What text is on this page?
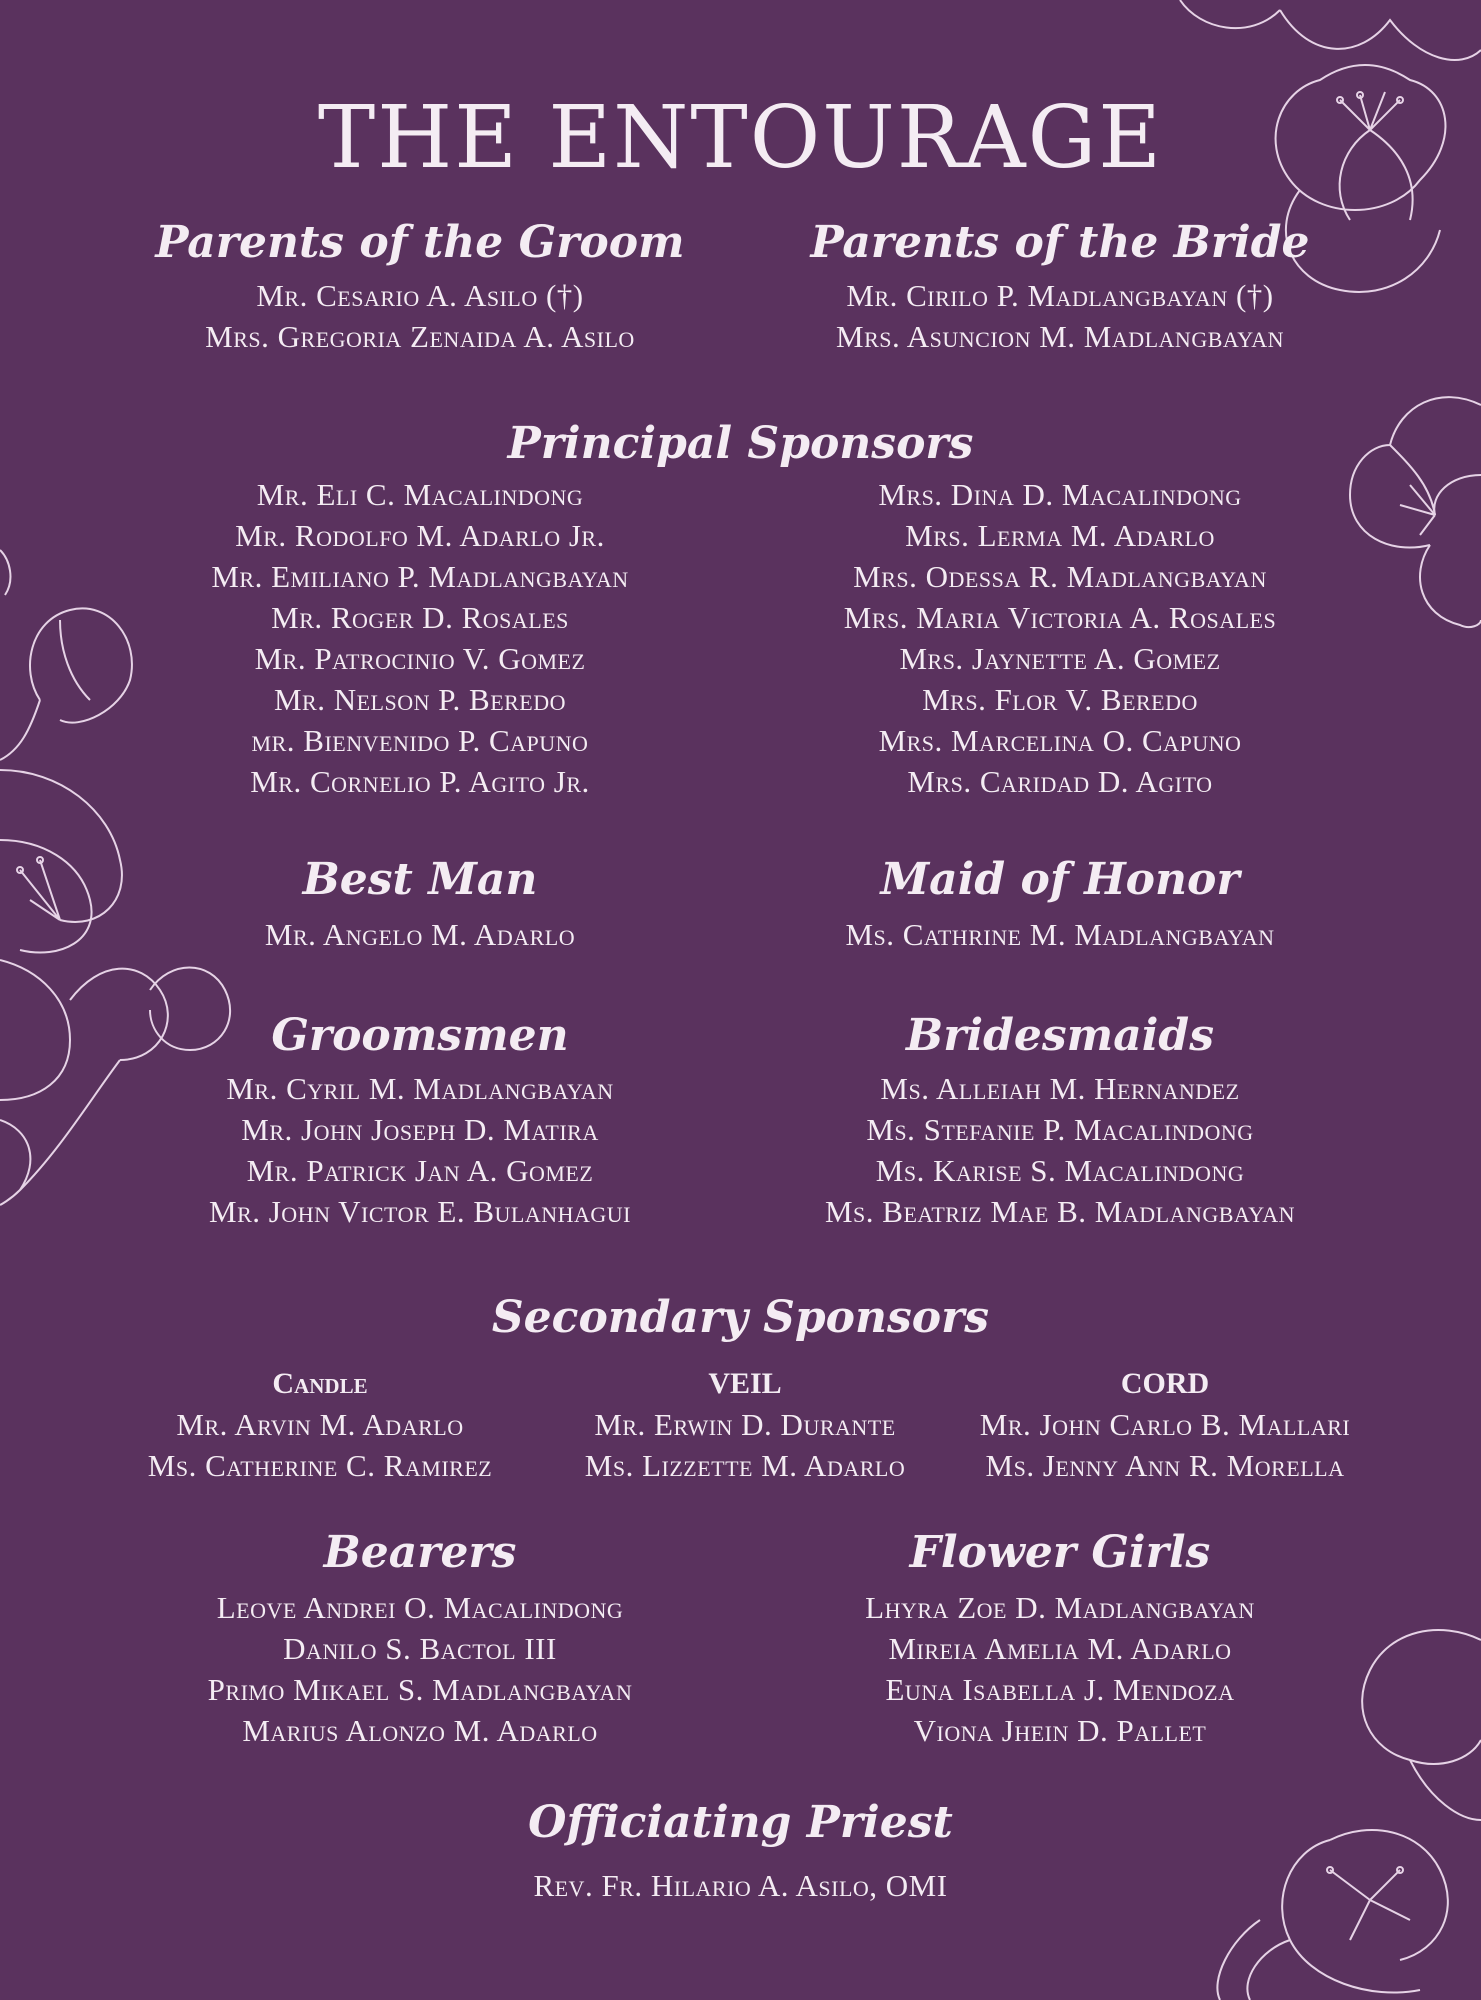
THE ENTOURAGE
Parents of the Groom
Mr. Cesario A. Asilo (†)
Mrs. Gregoria Zenaida A. Asilo
Parents of the Bride
Mr. Cirilo P. Madlangbayan (†)
Mrs. Asuncion M. Madlangbayan
Principal Sponsors
Mr. Eli C. Macalindong
Mr. Rodolfo M. Adarlo Jr.
Mr. Emiliano P. Madlangbayan
Mr. Roger D. Rosales
Mr. Patrocinio V. Gomez
Mr. Nelson P. Beredo
mr. Bienvenido P. Capuno
Mr. Cornelio P. Agito Jr.
Mrs. Dina D. Macalindong
Mrs. Lerma M. Adarlo
Mrs. Odessa R. Madlangbayan
Mrs. Maria Victoria A. Rosales
Mrs. Jaynette A. Gomez
Mrs. Flor V. Beredo
Mrs. Marcelina O. Capuno
Mrs. Caridad D. Agito
Best Man
Mr. Angelo M. Adarlo
Maid of Honor
Ms. Cathrine M. Madlangbayan
Groomsmen
Mr. Cyril M. Madlangbayan
Mr. John Joseph D. Matira
Mr. Patrick Jan A. Gomez
Mr. John Victor E. Bulanhagui
Bridesmaids
Ms. Alleiah M. Hernandez
Ms. Stefanie P. Macalindong
Ms. Karise S. Macalindong
Ms. Beatriz Mae B. Madlangbayan
Secondary Sponsors
Candle
Mr. Arvin M. Adarlo
Ms. Catherine C. Ramirez
VEIL
Mr. Erwin D. Durante
Ms. Lizzette M. Adarlo
CORD
Mr. John Carlo B. Mallari
Ms. Jenny Ann R. Morella
Bearers
Leove Andrei O. Macalindong
Danilo S. Bactol III
Primo Mikael S. Madlangbayan
Marius Alonzo M. Adarlo
Flower Girls
Lhyra Zoe D. Madlangbayan
Mireia Amelia M. Adarlo
Euna Isabella J. Mendoza
Viona Jhein D. Pallet
Officiating Priest
Rev. Fr. Hilario A. Asilo, OMI
